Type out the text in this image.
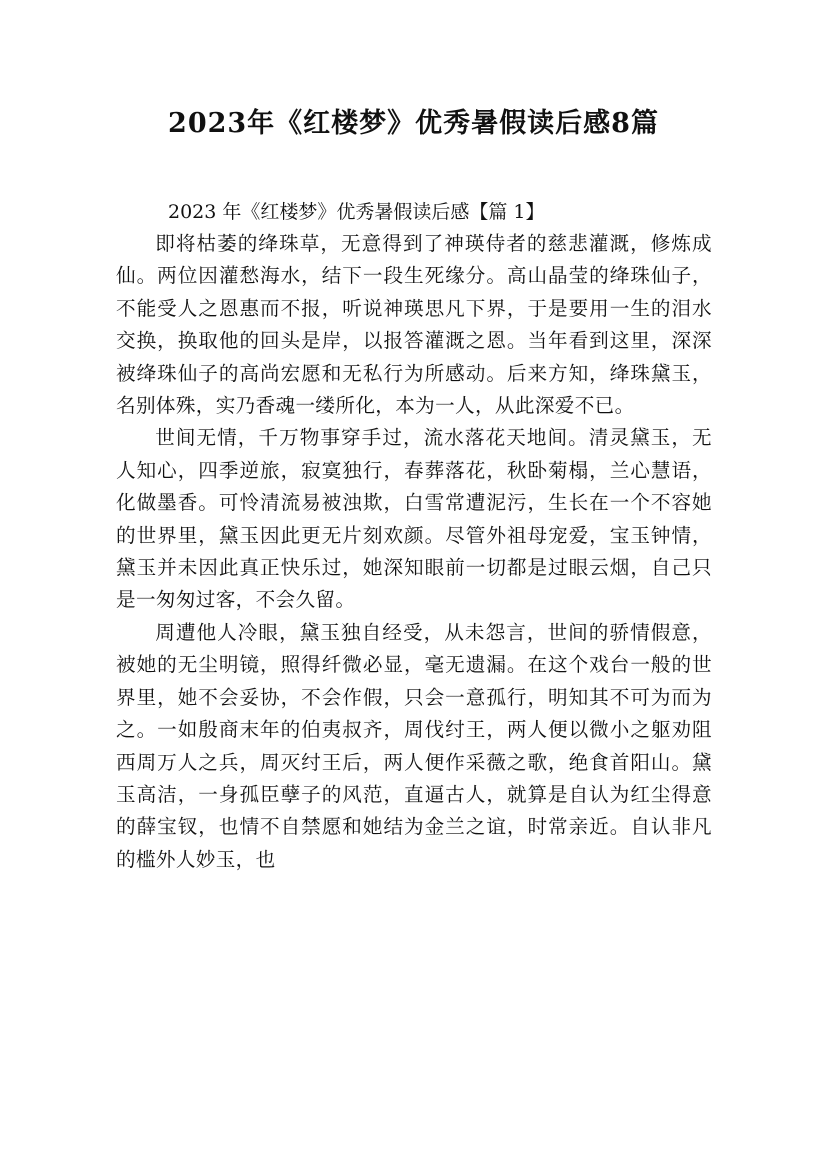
2023年《红楼梦》优秀暑假读后感8篇
2023 年《红楼梦》优秀暑假读后感【篇 1】

即将枯萎的绛珠草，无意得到了神瑛侍者的慈悲灌溉，修炼成仙。两位因灌愁海水，结下一段生死缘分。高山晶莹的绛珠仙子，不能受人之恩惠而不报，听说神瑛思凡下界，于是要用一生的泪水交换，换取他的回头是岸，以报答灌溉之恩。当年看到这里，深深被绛珠仙子的高尚宏愿和无私行为所感动。后来方知，绛珠黛玉，名别体殊，实乃香魂一缕所化，本为一人，从此深爱不已。

世间无情，千万物事穿手过，流水落花天地间。清灵黛玉，无人知心，四季逆旅，寂寞独行，春葬落花，秋卧菊榻，兰心慧语，化做墨香。可怜清流易被浊欺，白雪常遭泥污，生长在一个不容她的世界里，黛玉因此更无片刻欢颜。尽管外祖母宠爱，宝玉钟情，黛玉并未因此真正快乐过，她深知眼前一切都是过眼云烟，自己只是一匆匆过客，不会久留。

周遭他人冷眼，黛玉独自经受，从未怨言，世间的骄情假意，被她的无尘明镜，照得纤微必显，毫无遗漏。在这个戏台一般的世界里，她不会妥协，不会作假，只会一意孤行，明知其不可为而为之。一如殷商末年的伯夷叔齐，周伐纣王，两人便以微小之躯劝阻西周万人之兵，周灭纣王后，两人便作采薇之歌，绝食首阳山。黛玉高洁，一身孤臣孽子的风范，直逼古人，就算是自认为红尘得意的薛宝钗，也情不自禁愿和她结为金兰之谊，时常亲近。自认非凡的槛外人妙玉，也
